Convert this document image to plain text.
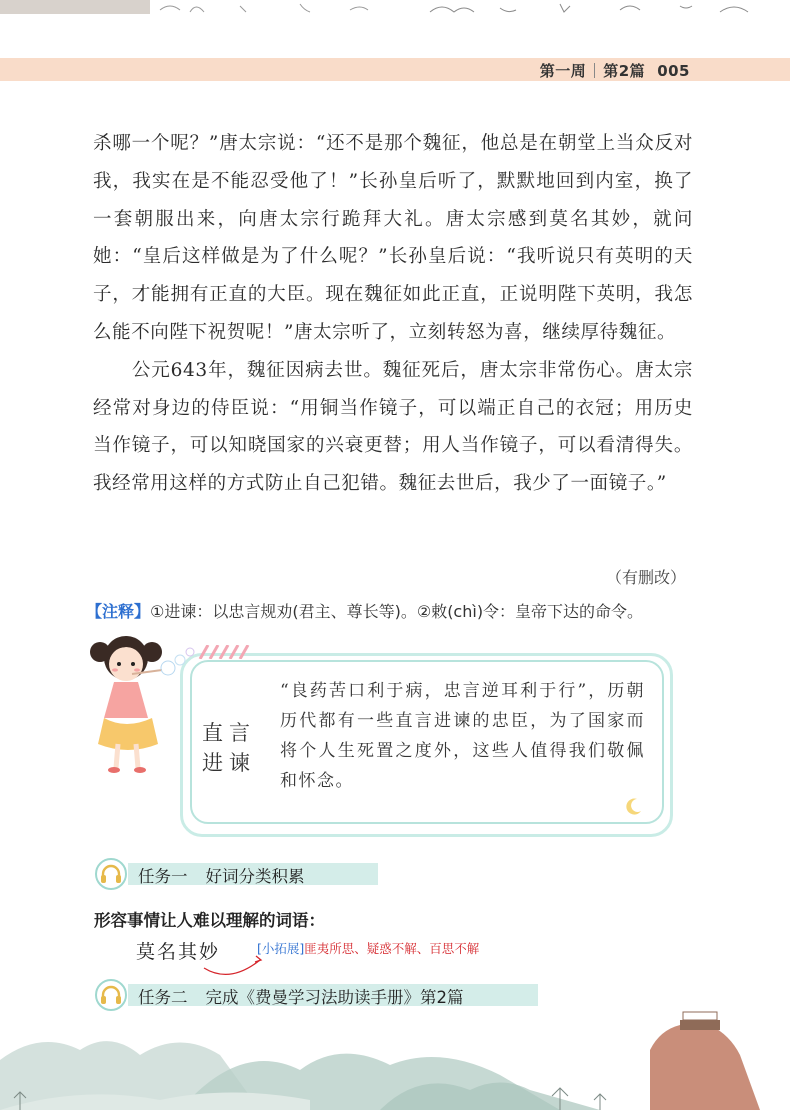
第一周 第2篇 005

杀哪一个呢？”唐太宗说：“还不是那个魏征，他总是在朝堂上当众反对我，我实在是不能忍受他了！”长孙皇后听了，默默地回到内室，换了一套朝服出来，向唐太宗行跪拜大礼。唐太宗感到莫名其妙，就问她：“皇后这样做是为了什么呢？”长孙皇后说：“我听说只有英明的天子，才能拥有正直的大臣。现在魏征如此正直，正说明陛下英明，我怎么能不向陛下祝贺呢！”唐太宗听了，立刻转怒为喜，继续厚待魏征。

公元643年，魏征因病去世。魏征死后，唐太宗非常伤心。唐太宗经常对身边的侍臣说：“用铜当作镜子，可以端正自己的衣冠；用历史当作镜子，可以知晓国家的兴衰更替；用人当作镜子，可以看清得失。我经常用这样的方式防止自己犯错。魏征去世后，我少了一面镜子。”

（有删改）
【注释】①进谏：以忠言规劝(君主、尊长等)。②敕(chì)令：皇帝下达的命令。
直言
进谏
“良药苦口利于病，忠言逆耳利于行”，历朝历代都有一些直言进谏的忠臣，为了国家而将个人生死置之度外，这些人值得我们敬佩和怀念。
任务一 好词分类积累
形容事情让人难以理解的词语：
莫名其妙	[小拓展]匪夷所思、疑惑不解、百思不解
任务二 完成《费曼学习法助读手册》第2篇
